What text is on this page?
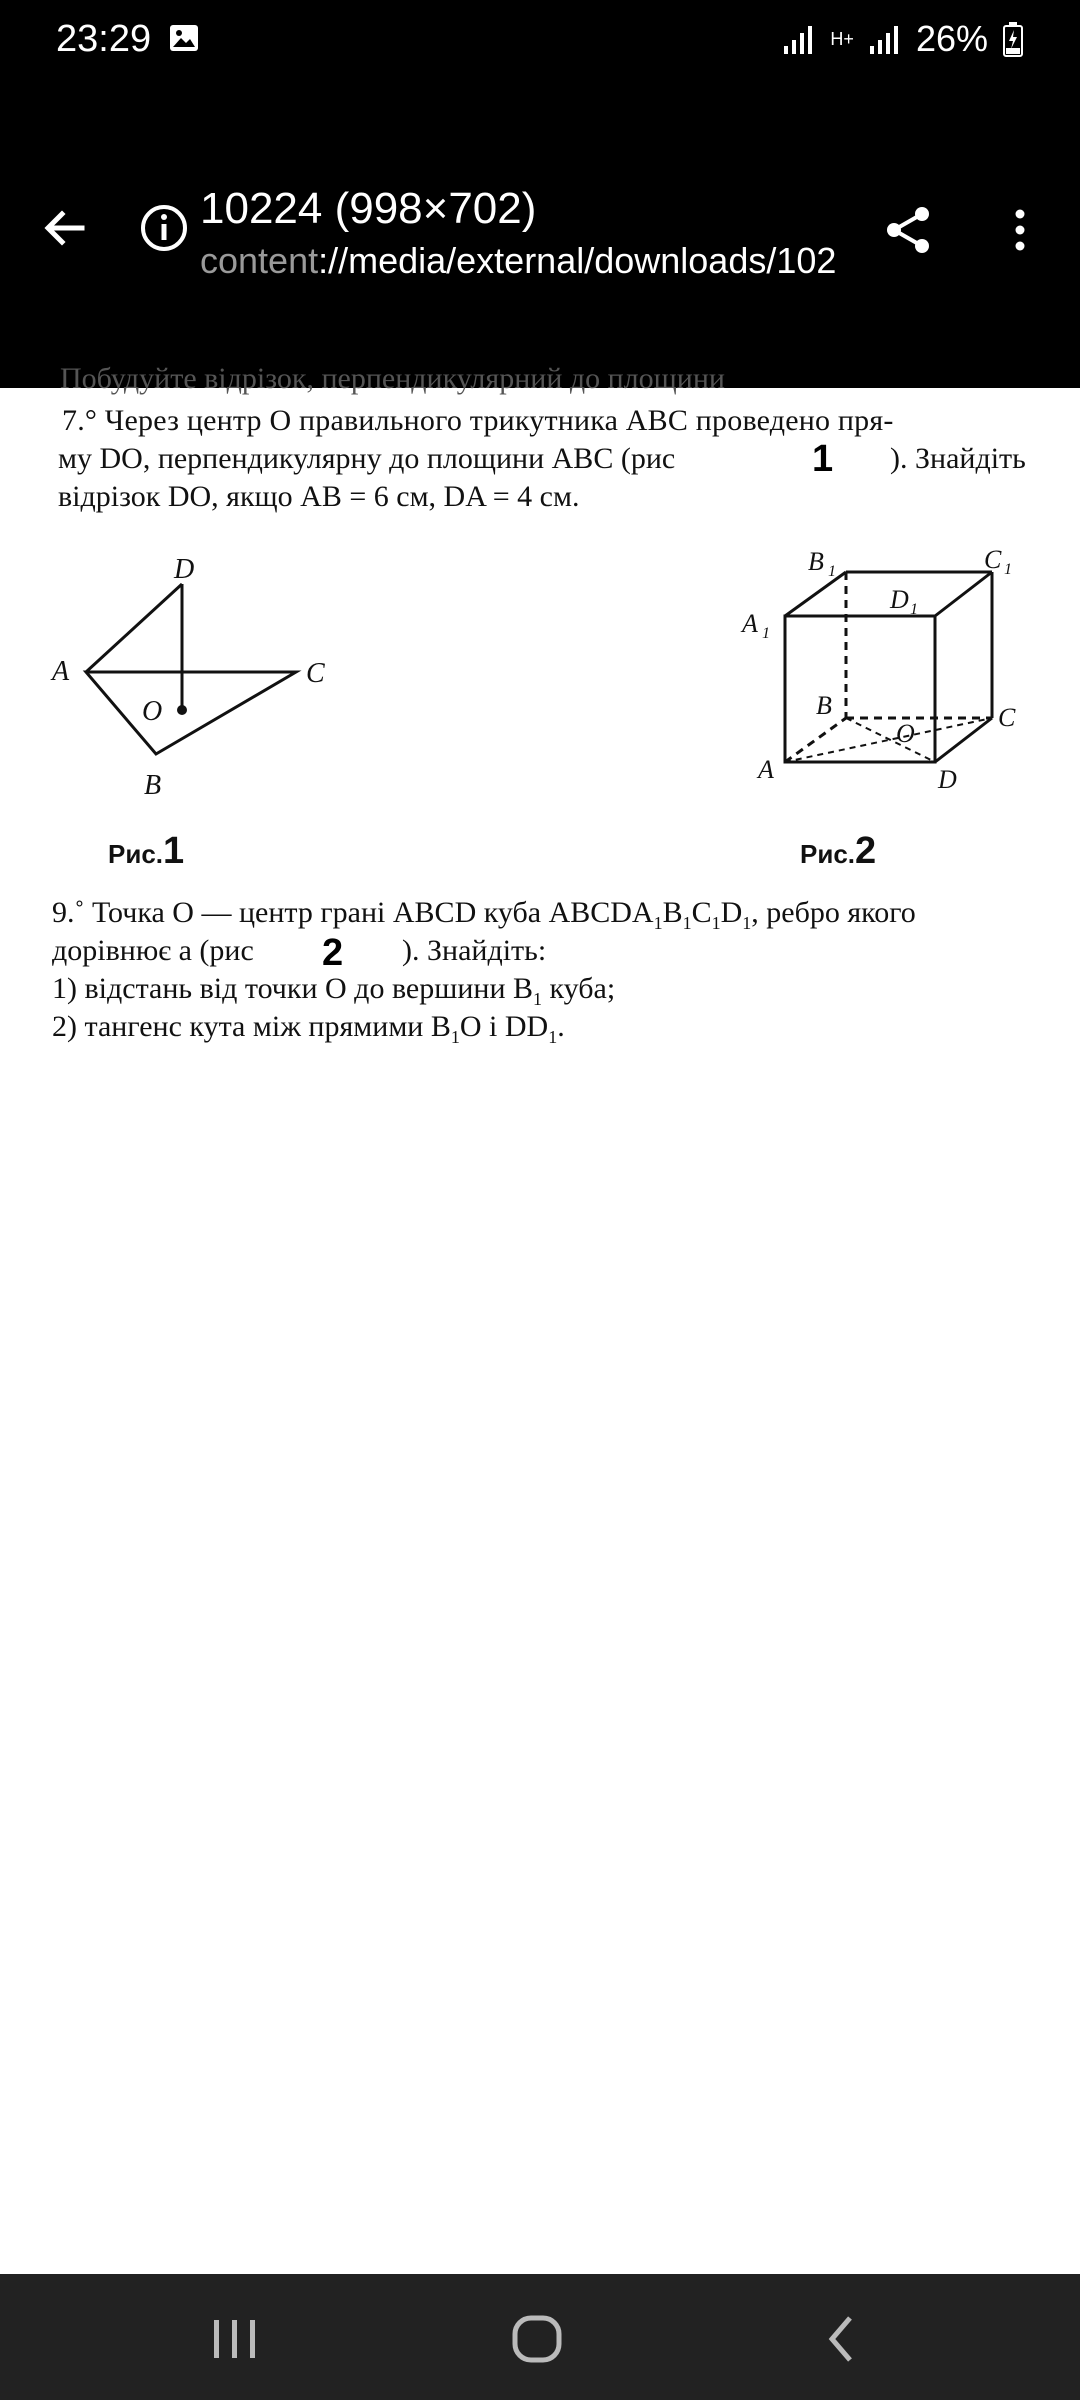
23:29	H+ 26%
10224 (998×702)
content://media/external/downloads/102
Побудуйте відрізок, перпендикулярний до площини
7.° Через центр O правильного трикутника ABC проведено пря-
му DO, перпендикулярну до площини ABC (рис	1 ). Знайдіть
відрізок DO, якщо AB = 6 см, DA = 4 см.
D
A	C
O
B
Рис.1
B 1	C 1
D 1
A 1
B	C
O
A	D
Рис.2
9.˚ Точка O — центр грані ABCD куба $ABCDA_1B_1C_1D_1$, ребро якого
дорівнює a (рис 2 ). Знайдіть:
1) відстань від точки O до вершини $B_1$ куба;
2) тангенс кута між прямими $B_1O$ і $DD_1$.
